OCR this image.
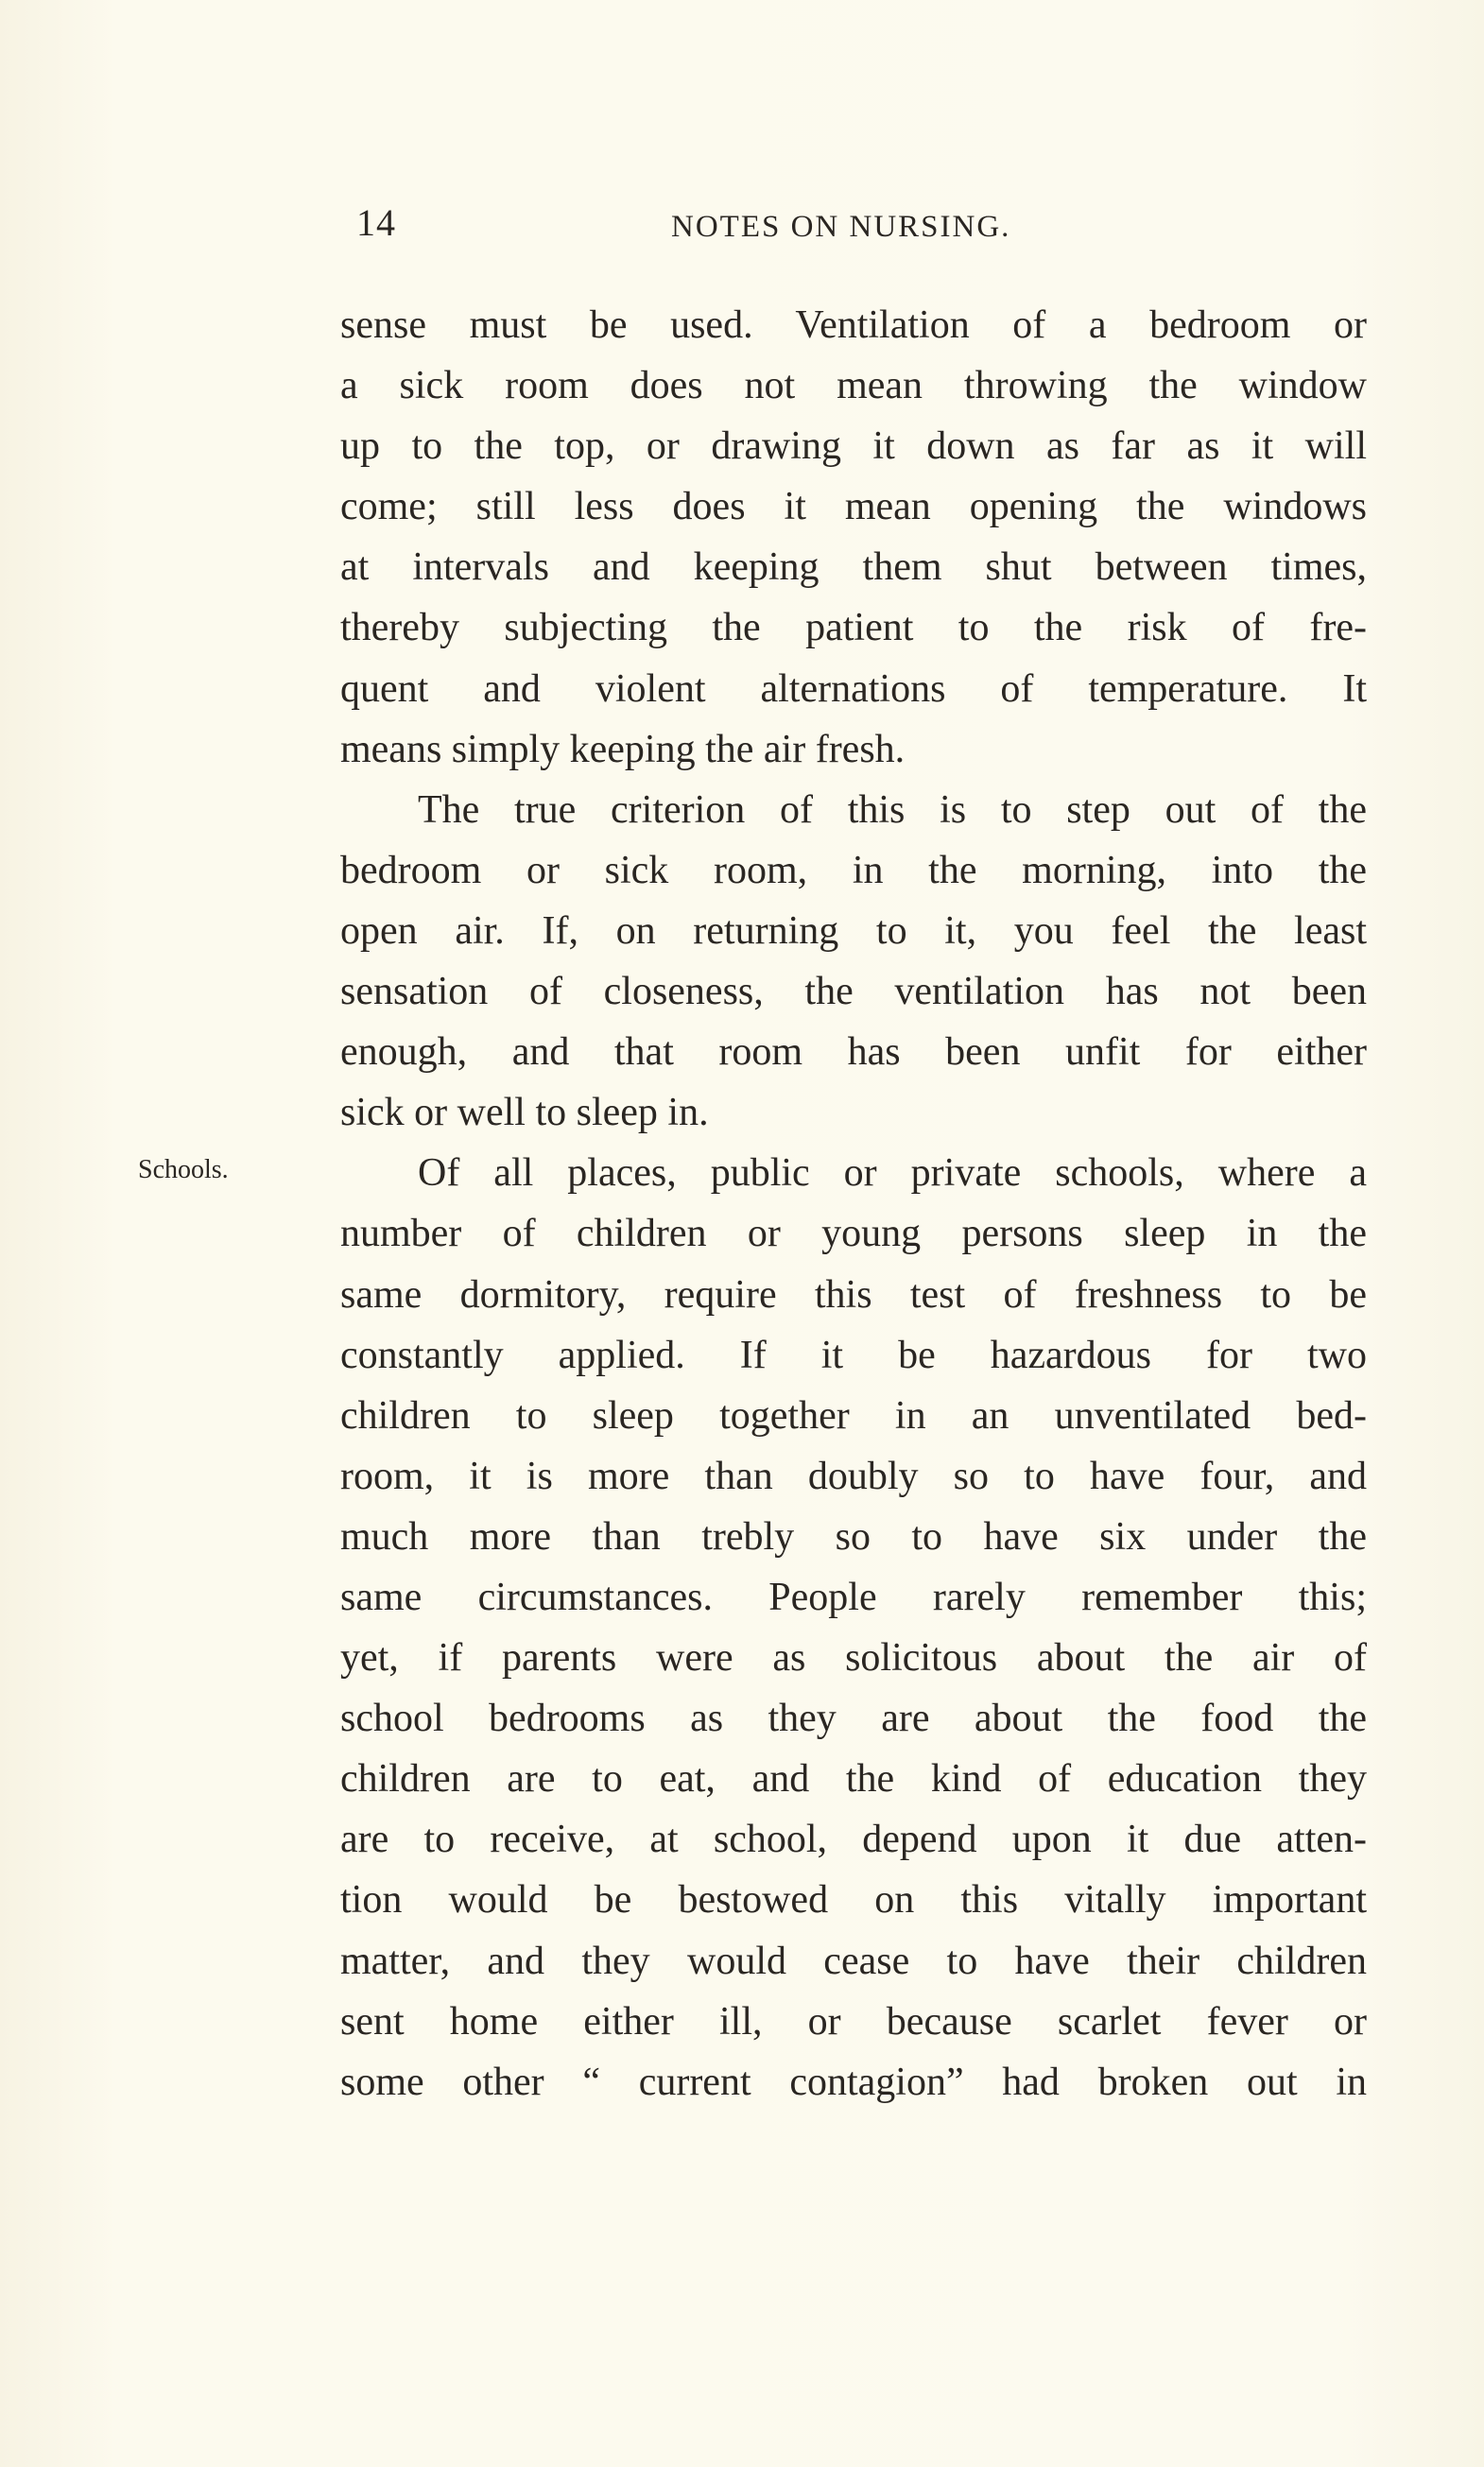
14	NOTES ON NURSING.
Schools.
sense must be used. Ventilation of a bedroom or
a sick room does not mean throwing the window
up to the top, or drawing it down as far as it will
come; still less does it mean opening the windows
at intervals and keeping them shut between times,
thereby subjecting the patient to the risk of fre-
quent and violent alternations of temperature. It
means simply keeping the air fresh.
The true criterion of this is to step out of the
bedroom or sick room, in the morning, into the
open air. If, on returning to it, you feel the least
sensation of closeness, the ventilation has not been
enough, and that room has been unfit for either
sick or well to sleep in.
Of all places, public or private schools, where a
number of children or young persons sleep in the
same dormitory, require this test of freshness to be
constantly applied. If it be hazardous for two
children to sleep together in an unventilated bed-
room, it is more than doubly so to have four, and
much more than trebly so to have six under the
same circumstances. People rarely remember this;
yet, if parents were as solicitous about the air of
school bedrooms as they are about the food the
children are to eat, and the kind of education they
are to receive, at school, depend upon it due atten-
tion would be bestowed on this vitally important
matter, and they would cease to have their children
sent home either ill, or because scarlet fever or
some other “ current contagion” had broken out in
